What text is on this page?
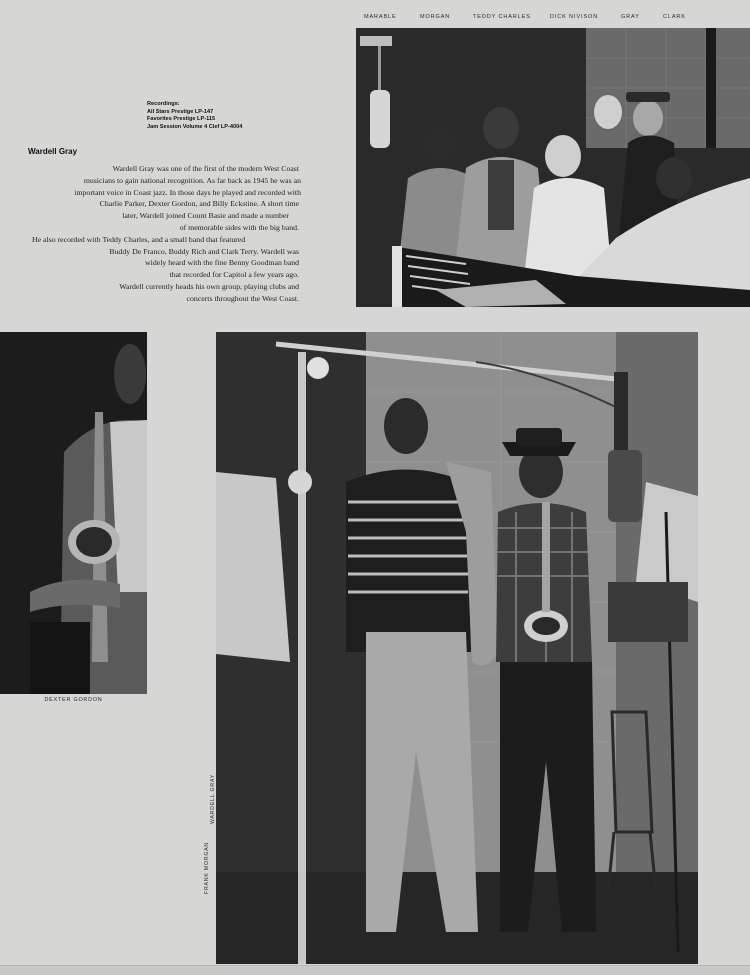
MARABLE	MORGAN	TEDDY CHARLES	DICK NIVISON	GRAY	CLARK
Recordings:
All Stars Prestige LP-147
Favorites Prestige LP-115
Jam Session Volume 4 Clef LP-4004
Wardell Gray
Wardell Gray was one of the first of the modern West Coast
musicians to gain national recognition. As far back as 1945 he was an
important voice in Coast jazz. In those days he played and recorded with
Charlie Parker, Dexter Gordon, and Billy Eckstine. A short time
later, Wardell joined Count Basie and made a number
of memorable sides with the big band.
He also recorded with Teddy Charles, and a small band that featured
Buddy De Franco, Buddy Rich and Clark Terry. Wardell was
widely heard with the fine Benny Goodman band
that recorded for Capitol a few years ago.
Wardell currently heads his own group, playing clubs and
concerts throughout the West Coast.
DEXTER GORDON
FRANK MORGAN
WARDELL GRAY
